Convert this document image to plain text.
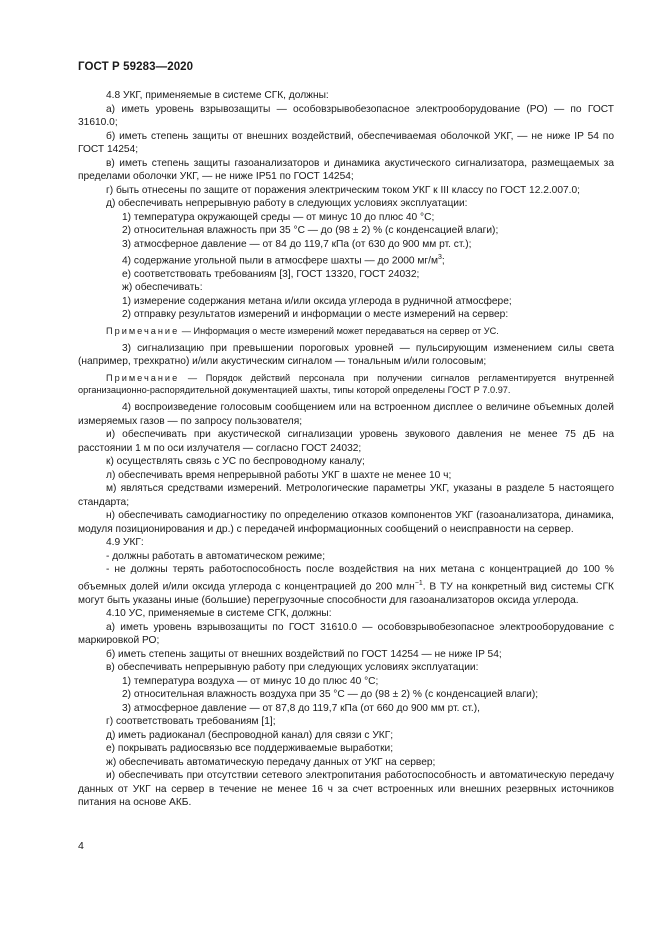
ГОСТ Р 59283—2020

4.8 УКГ, применяемые в системе СГК, должны:

а) иметь уровень взрывозащиты — особовзрывобезопасное электрооборудование (РО) — по ГОСТ 31610.0;

б) иметь степень защиты от внешних воздействий, обеспечиваемая оболочкой УКГ, — не ниже IP 54 по ГОСТ 14254;

в) иметь степень защиты газоанализаторов и динамика акустического сигнализатора, размещаемых за пределами оболочки УКГ, — не ниже IP51 по ГОСТ 14254;

г) быть отнесены по защите от поражения электрическим током УКГ к III классу по ГОСТ 12.2.007.0;

д) обеспечивать непрерывную работу в следующих условиях эксплуатации:

1) температура окружающей среды — от минус 10 до плюс 40 °С;

2) относительная влажность при 35 °С — до (98 ± 2) % (с конденсацией влаги);

3) атмосферное давление — от 84 до 119,7 кПа (от 630 до 900 мм рт. ст.);

4) содержание угольной пыли в атмосфере шахты — до 2000 $мг/м^3$;

е) соответствовать требованиям [3], ГОСТ 13320, ГОСТ 24032;

ж) обеспечивать:

1) измерение содержания метана и/или оксида углерода в рудничной атмосфере;

2) отправку результатов измерений и информации о месте измерений на сервер:

Примечание — Информация о месте измерений может передаваться на сервер от УС.

3) сигнализацию при превышении пороговых уровней — пульсирующим изменением силы света (например, трехкратно) и/или акустическим сигналом — тональным и/или голосовым;

Примечание — Порядок действий персонала при получении сигналов регламентируется внутренней организационно-распорядительной документацией шахты, типы которой определены ГОСТ Р 7.0.97.

4) воспроизведение голосовым сообщением или на встроенном дисплее о величине объемных долей измеряемых газов — по запросу пользователя;

и) обеспечивать при акустической сигнализации уровень звукового давления не менее 75 дБ на расстоянии 1 м по оси излучателя — согласно ГОСТ 24032;

к) осуществлять связь с УС по беспроводному каналу;

л) обеспечивать время непрерывной работы УКГ в шахте не менее 10 ч;

м) являться средствами измерений. Метрологические параметры УКГ, указаны в разделе 5 настоящего стандарта;

н) обеспечивать самодиагностику по определению отказов компонентов УКГ (газоанализатора, динамика, модуля позиционирования и др.) с передачей информационных сообщений о неисправности на сервер.

4.9 УКГ:

- должны работать в автоматическом режиме;

- не должны терять работоспособность после воздействия на них метана с концентрацией до 100 % объемных долей и/или оксида углерода с концентрацией до 200 млн$^{-1}$. В ТУ на конкретный вид системы СГК могут быть указаны иные (большие) перегрузочные способности для газоанализаторов оксида углерода.

4.10 УС, применяемые в системе СГК, должны:

а) иметь уровень взрывозащиты по ГОСТ 31610.0 — особовзрывобезопасное электрооборудование с маркировкой РО;

б) иметь степень защиты от внешних воздействий по ГОСТ 14254 — не ниже IP 54;

в) обеспечивать непрерывную работу при следующих условиях эксплуатации:

1) температура воздуха — от минус 10 до плюс 40 °С;

2) относительная влажность воздуха при 35 °С — до (98 ± 2) % (с конденсацией влаги);

3) атмосферное давление — от 87,8 до 119,7 кПа (от 660 до 900 мм рт. ст.),

г) соответствовать требованиям [1];

д) иметь радиоканал (беспроводной канал) для связи с УКГ;

е) покрывать радиосвязью все поддерживаемые выработки;

ж) обеспечивать автоматическую передачу данных от УКГ на сервер;

и) обеспечивать при отсутствии сетевого электропитания работоспособность и автоматическую передачу данных от УКГ на сервер в течение не менее 16 ч за счет встроенных или внешних резервных источников питания на основе АКБ.

4
